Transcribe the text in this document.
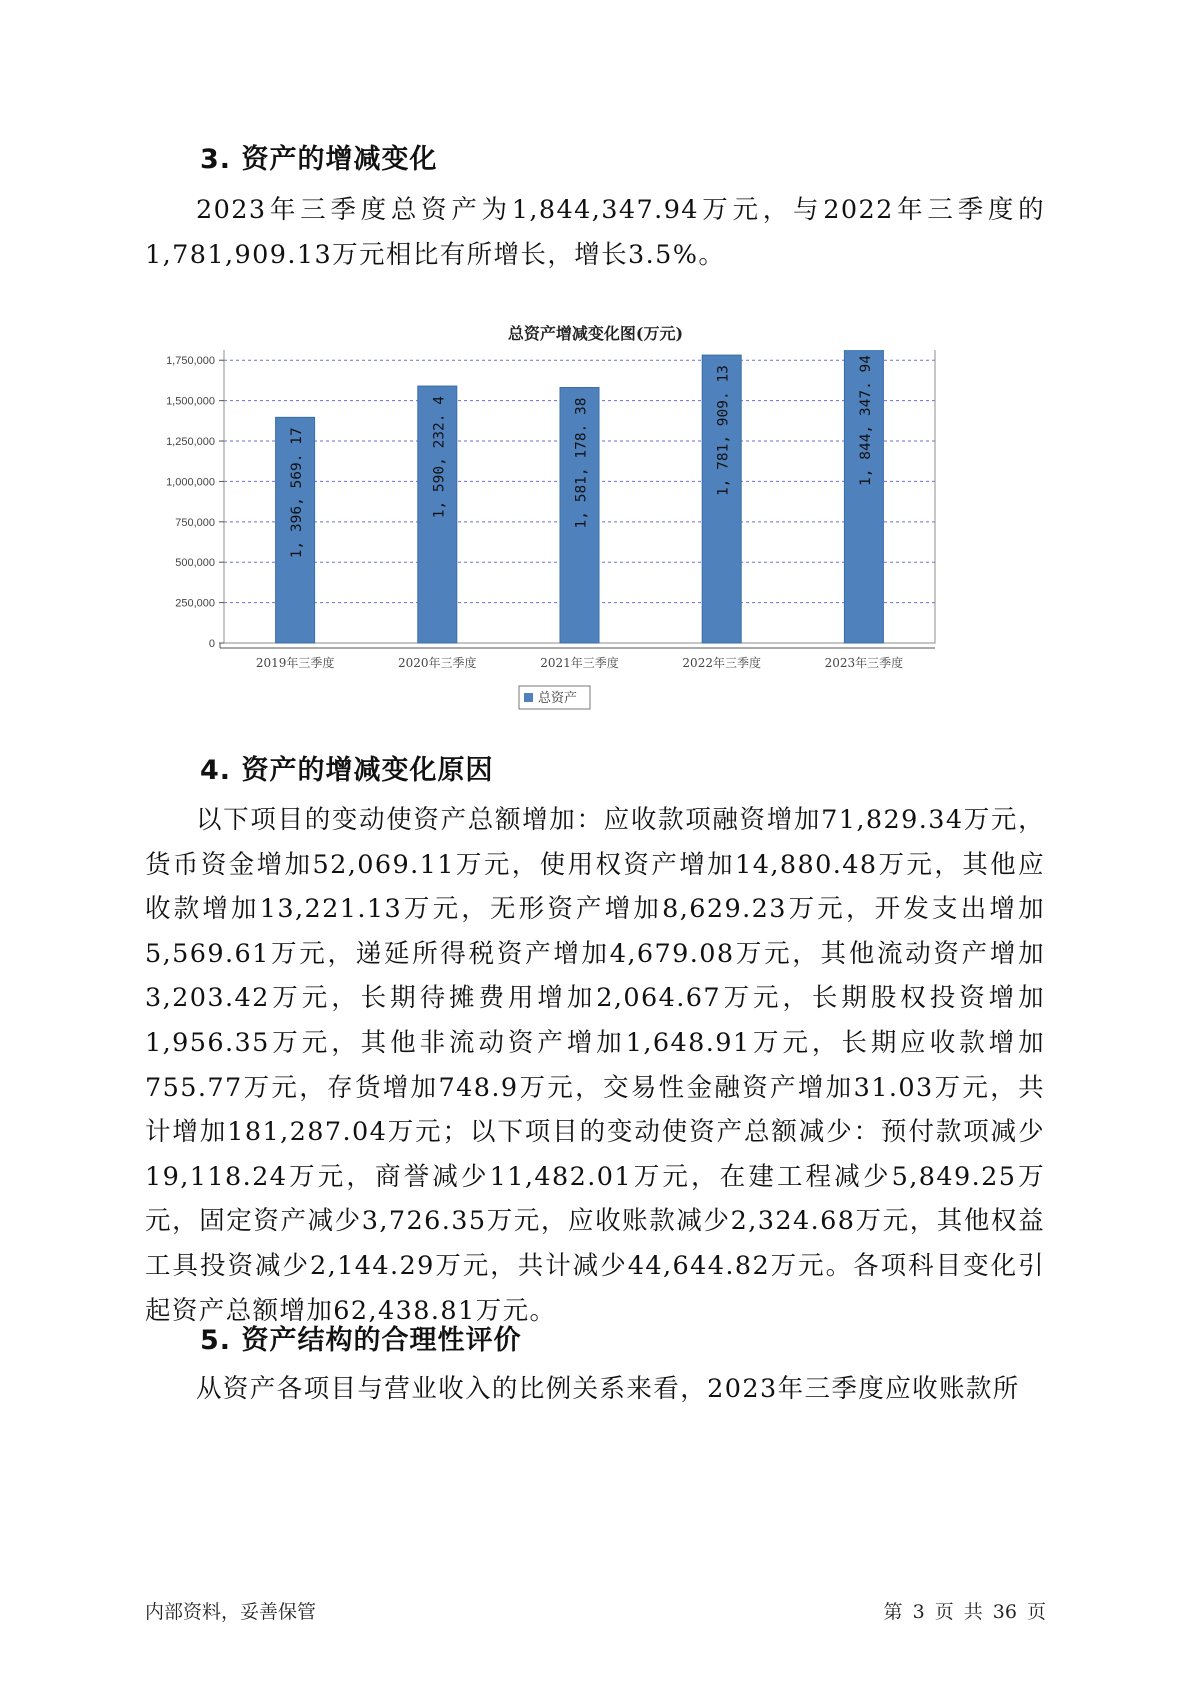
3. 资产的增减变化

2023年三季度总资产为1,844,347.94万元，与2022年三季度的1,781,909.13万元相比有所增长，增长3.5%。

总资产增减变化图(万元)
0
250,000
500,000
750,000
1,000,000
1,250,000
1,500,000
1,750,000
2019年三季度	2020年三季度	2021年三季度	2022年三季度	2023年三季度
1, 396, 569. 17	1, 590, 232. 4	1, 581, 178. 38	1, 781, 909. 13	1, 844, 347. 94
总资产
4. 资产的增减变化原因

以下项目的变动使资产总额增加：应收款项融资增加71,829.34万元，货币资金增加52,069.11万元，使用权资产增加14,880.48万元，其他应收款增加13,221.13万元，无形资产增加8,629.23万元，开发支出增加5,569.61万元，递延所得税资产增加4,679.08万元，其他流动资产增加3,203.42万元，长期待摊费用增加2,064.67万元，长期股权投资增加1,956.35万元，其他非流动资产增加1,648.91万元，长期应收款增加755.77万元，存货增加748.9万元，交易性金融资产增加31.03万元，共计增加181,287.04万元；以下项目的变动使资产总额减少：预付款项减少19,118.24万元，商誉减少11,482.01万元，在建工程减少5,849.25万元，固定资产减少3,726.35万元，应收账款减少2,324.68万元，其他权益工具投资减少2,144.29万元，共计减少44,644.82万元。各项科目变化引起资产总额增加62,438.81万元。

5. 资产结构的合理性评价

从资产各项目与营业收入的比例关系来看，2023年三季度应收账款所

内部资料，妥善保管	第 3 页 共 36 页
